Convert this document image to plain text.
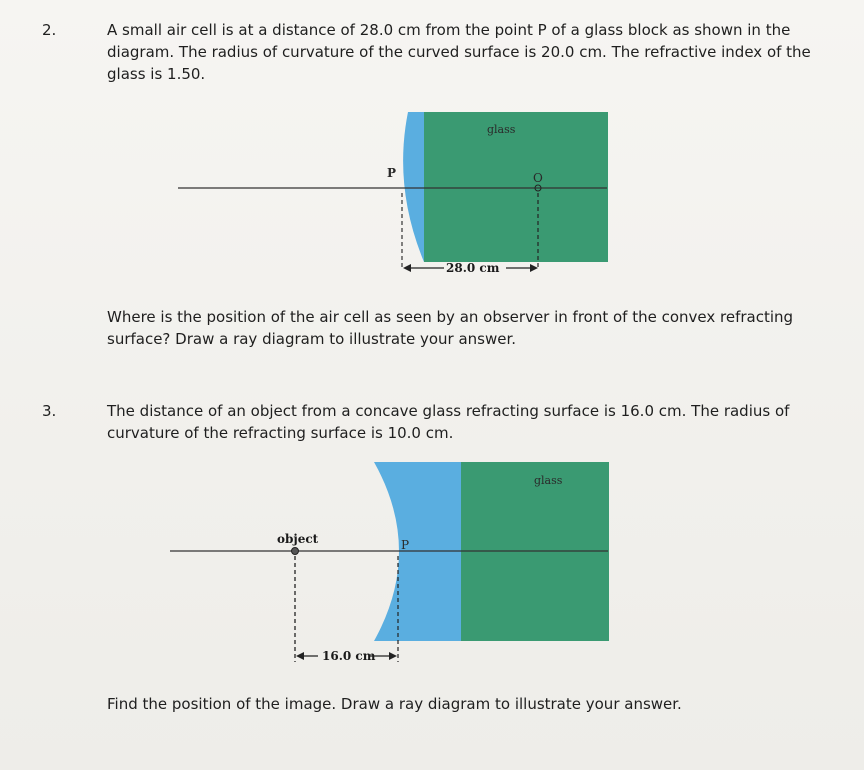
2.	A small air cell is at a distance of 28.0 cm from the point P of a glass block as shown in the
diagram. The radius of curvature of the curved surface is 20.0 cm. The refractive index of the
glass is 1.50.

glass
P	O
28.0 cm

Where is the position of the air cell as seen by an observer in front of the convex refracting
surface? Draw a ray diagram to illustrate your answer.

3.	The distance of an object from a concave glass refracting surface is 16.0 cm. The radius of
curvature of the refracting surface is 10.0 cm.

glass
object	P
16.0 cm

Find the position of the image. Draw a ray diagram to illustrate your answer.
